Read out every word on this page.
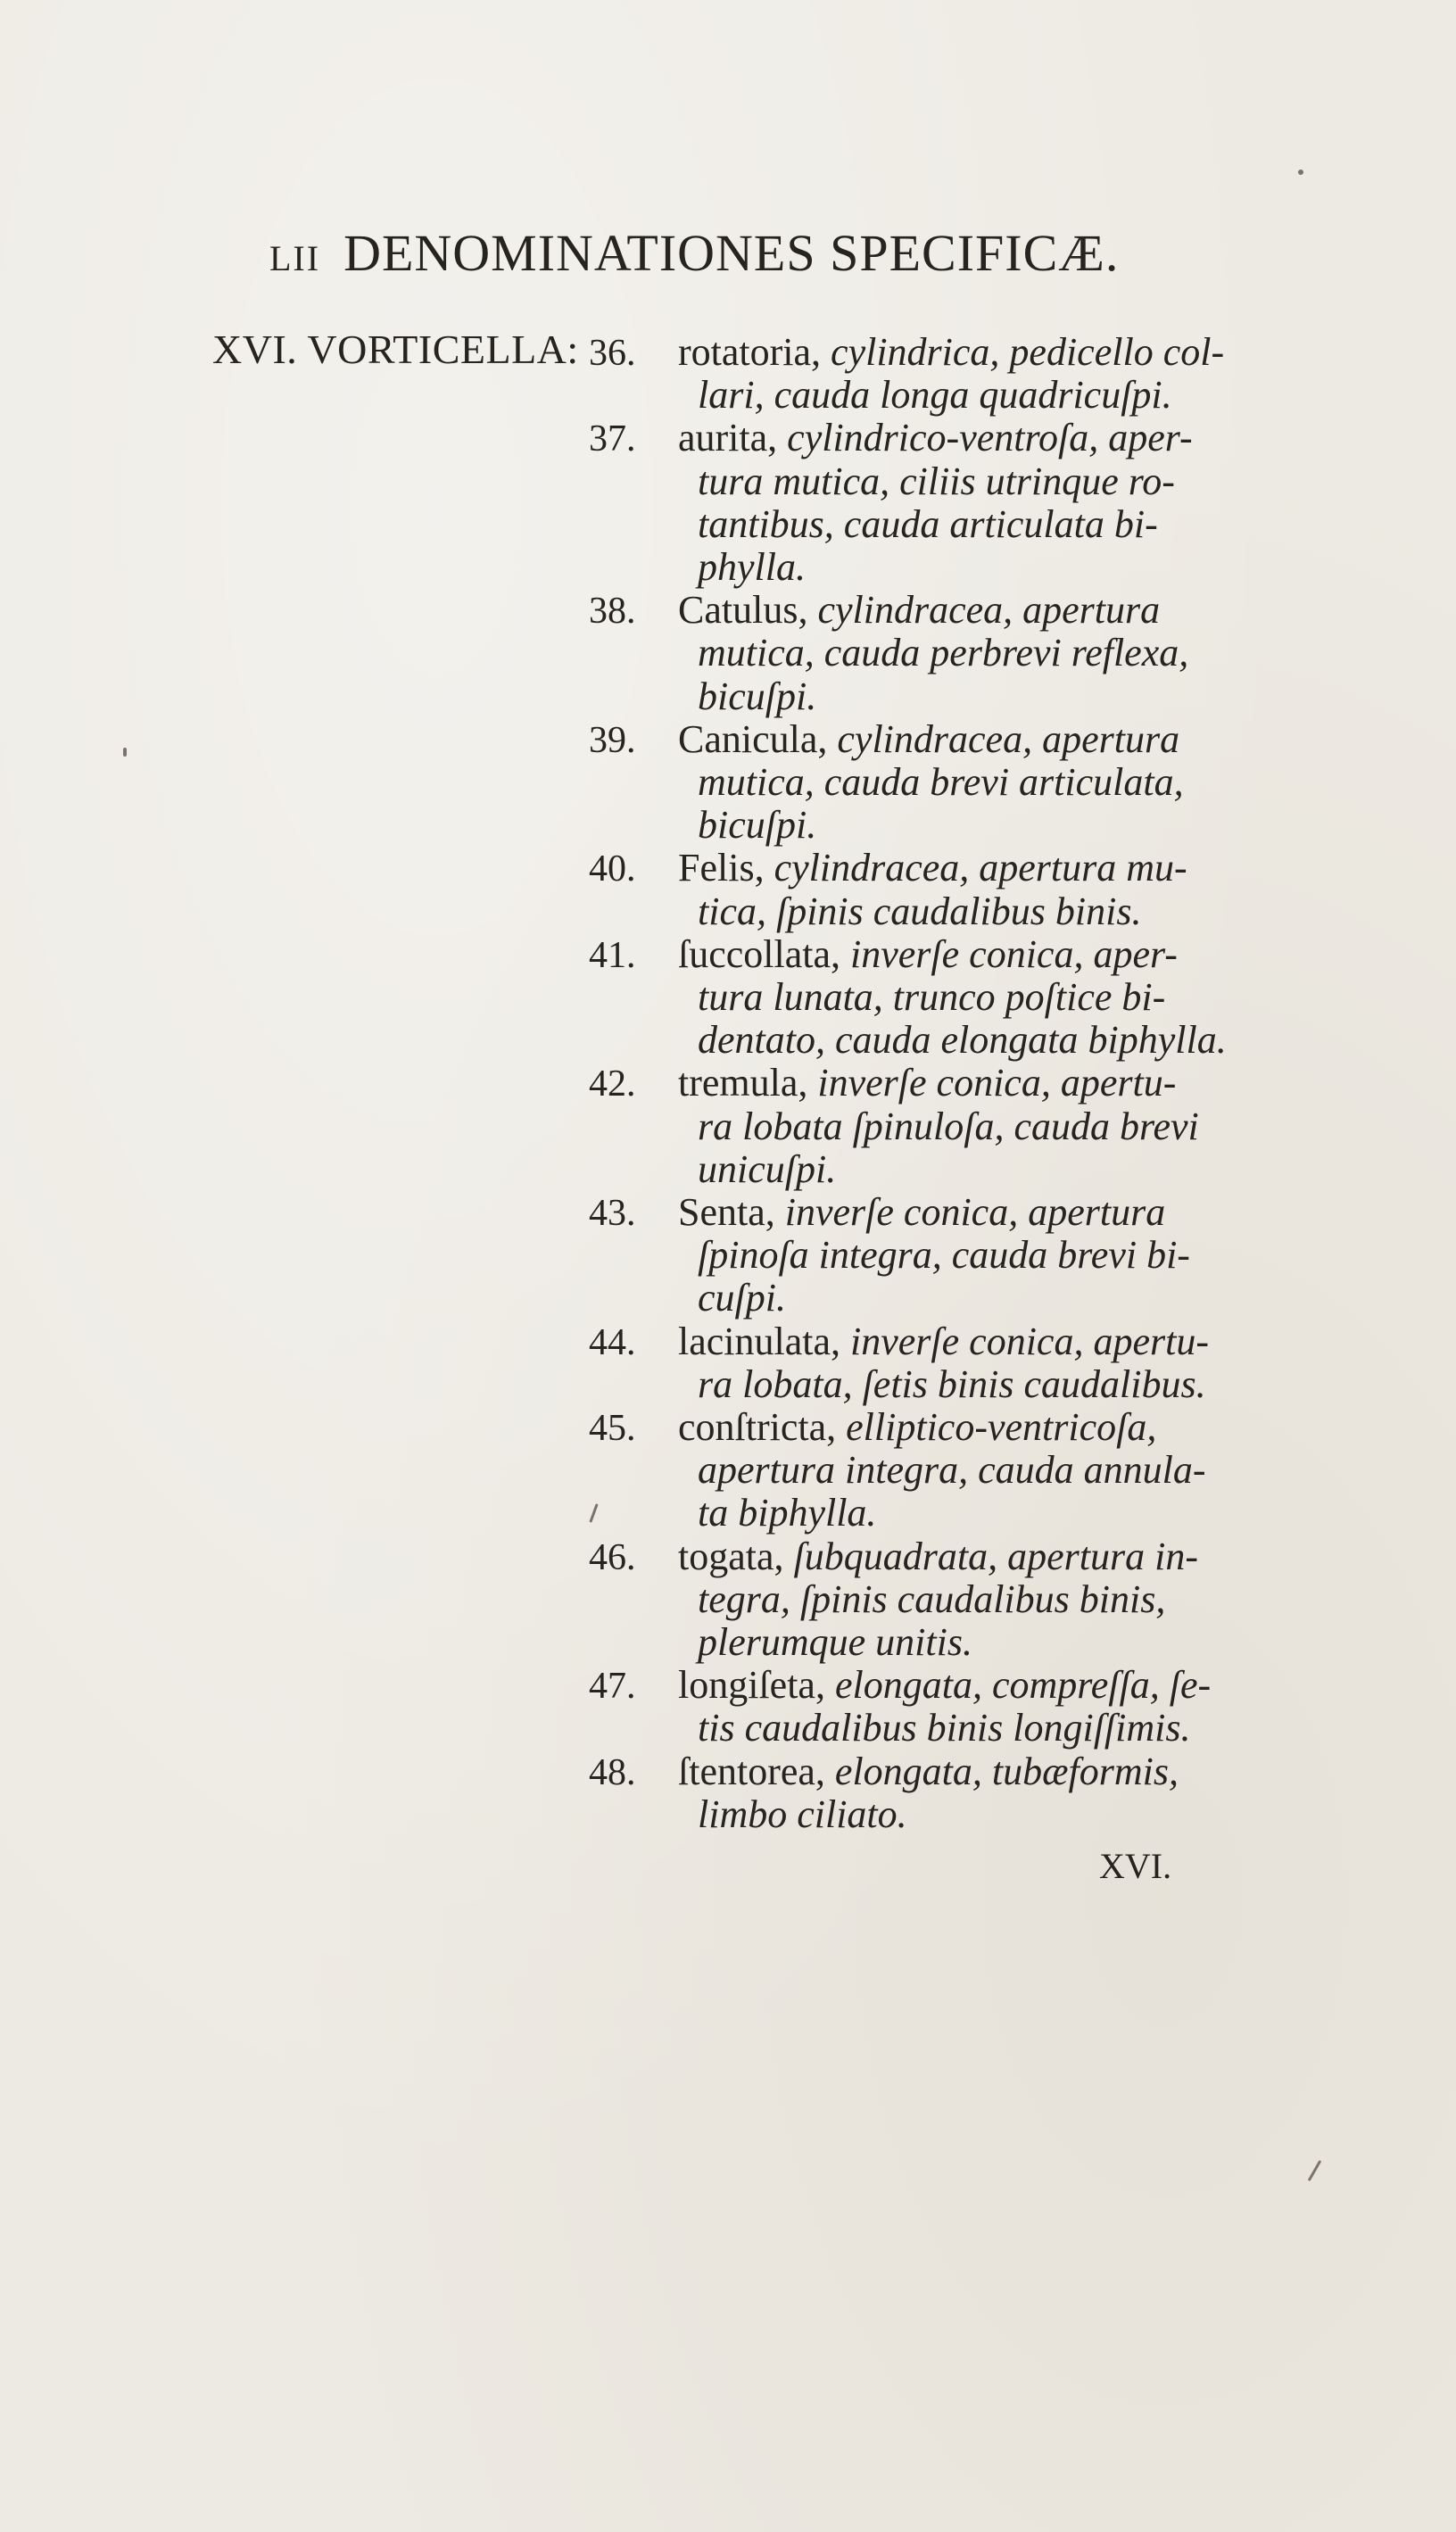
LII DENOMINATIONES SPECIFICÆ.
XVI. VORTICELLA: 36.	rotatoria, cylindrica, pedicello col-
lari, cauda longa quadricuſpi.
37.	aurita, cylindrico-ventroſa, aper-
tura mutica, ciliis utrinque ro-
tantibus, cauda articulata bi-
phylla.
38.	Catulus, cylindracea, apertura
mutica, cauda perbrevi reflexa,
bicuſpi.
39.	Canicula, cylindracea, apertura
mutica, cauda brevi articulata,
bicuſpi.
40.	Felis, cylindracea, apertura mu-
tica, ſpinis caudalibus binis.
41.	ſuccollata, inverſe conica, aper-
tura lunata, trunco poſtice bi-
dentato, cauda elongata biphylla.
42.	tremula, inverſe conica, apertu-
ra lobata ſpinuloſa, cauda brevi
unicuſpi.
43.	Senta, inverſe conica, apertura
ſpinoſa integra, cauda brevi bi-
cuſpi.
44.	lacinulata, inverſe conica, apertu-
ra lobata, ſetis binis caudalibus.
45.	conſtricta, elliptico-ventricoſa,
apertura integra, cauda annula-
ta biphylla.
46.	togata, ſubquadrata, apertura in-
tegra, ſpinis caudalibus binis,
plerumque unitis.
47.	longiſeta, elongata, compreſſa, ſe-
tis caudalibus binis longiſſimis.
48.	ſtentorea, elongata, tubæformis,
limbo ciliato.
XVI.
